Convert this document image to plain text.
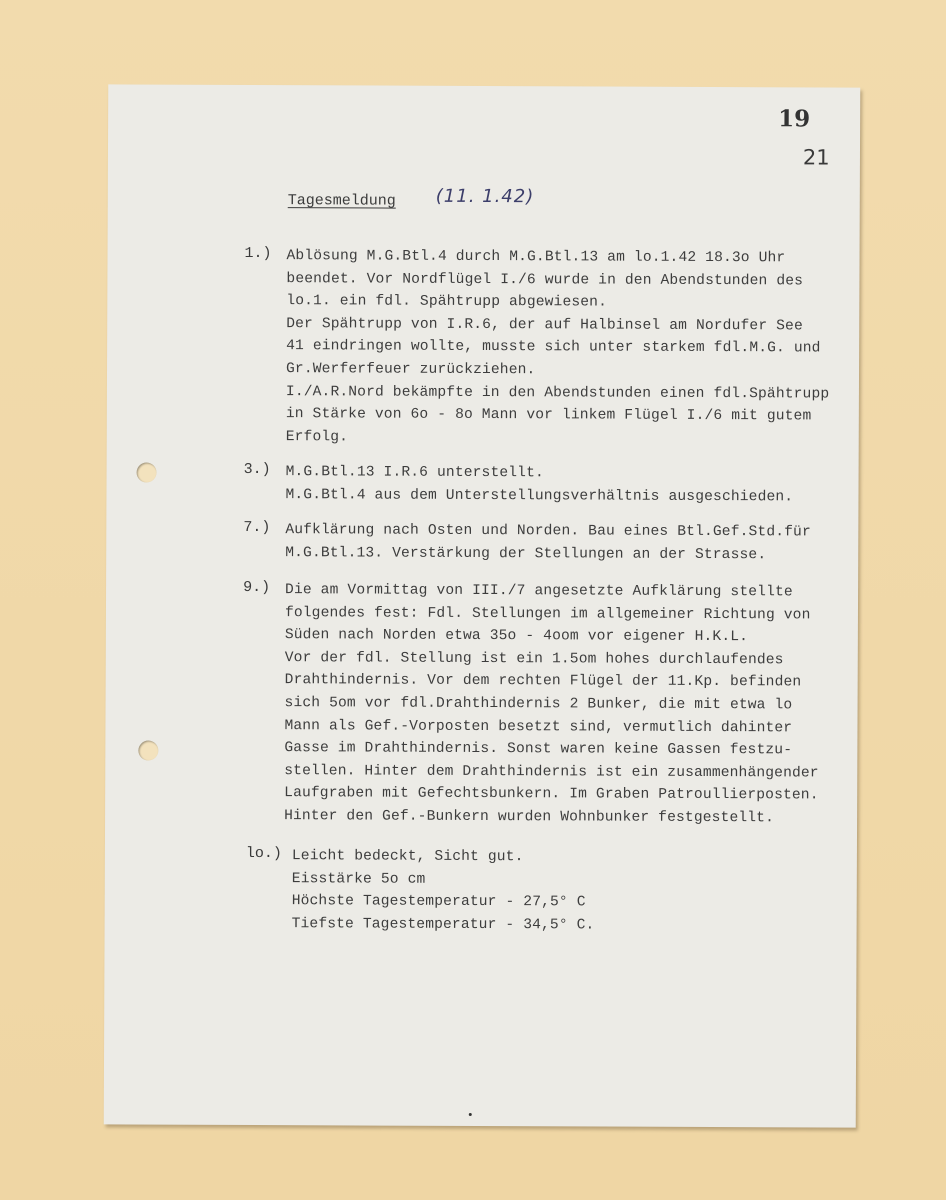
19
21
Tagesmeldung (11. 1.42)
1.) Ablösung M.G.Btl.4 durch M.G.Btl.13 am lo.1.42 18.3o Uhr
beendet. Vor Nordflügel I./6 wurde in den Abendstunden des
lo.1. ein fdl. Spähtrupp abgewiesen.
Der Spähtrupp von I.R.6, der auf Halbinsel am Nordufer See
41 eindringen wollte, musste sich unter starkem fdl.M.G. und
Gr.Werferfeuer zurückziehen.
I./A.R.Nord bekämpfte in den Abendstunden einen fdl.Spähtrupp
in Stärke von 6o - 8o Mann vor linkem Flügel I./6 mit gutem
Erfolg.
3.) M.G.Btl.13 I.R.6 unterstellt.
M.G.Btl.4 aus dem Unterstellungsverhältnis ausgeschieden.
7.) Aufklärung nach Osten und Norden. Bau eines Btl.Gef.Std.für
M.G.Btl.13. Verstärkung der Stellungen an der Strasse.
9.) Die am Vormittag von III./7 angesetzte Aufklärung stellte
folgendes fest: Fdl. Stellungen im allgemeiner Richtung von
Süden nach Norden etwa 35o - 4oom vor eigener H.K.L.
Vor der fdl. Stellung ist ein 1.5om hohes durchlaufendes
Drahthindernis. Vor dem rechten Flügel der 11.Kp. befinden
sich 5om vor fdl.Drahthindernis 2 Bunker, die mit etwa lo
Mann als Gef.-Vorposten besetzt sind, vermutlich dahinter
Gasse im Drahthindernis. Sonst waren keine Gassen festzu-
stellen. Hinter dem Drahthindernis ist ein zusammenhängender
Laufgraben mit Gefechtsbunkern. Im Graben Patroullierposten.
Hinter den Gef.-Bunkern wurden Wohnbunker festgestellt.
lo.) Leicht bedeckt, Sicht gut.
Eisstärke 5o cm
Höchste Tagestemperatur - 27,5° C
Tiefste Tagestemperatur - 34,5° C.
